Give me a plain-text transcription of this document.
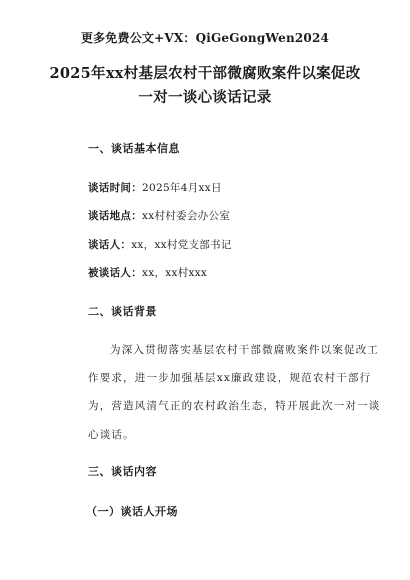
更多免费公文+VX：QiGeGongWen2024
2025年xx村基层农村干部微腐败案件以案促改
一对一谈心谈话记录
一、谈话基本信息
谈话时间：2025年4月xx日
谈话地点：xx村村委会办公室
谈话人：xx，xx村党支部书记
被谈话人：xx，xx村xxx
二、谈话背景
为深入贯彻落实基层农村干部微腐败案件以案促改工
作要求，进一步加强基层xx廉政建设，规范农村干部行
为，营造风清气正的农村政治生态，特开展此次一对一谈
心谈话。
三、谈话内容
（一）谈话人开场
